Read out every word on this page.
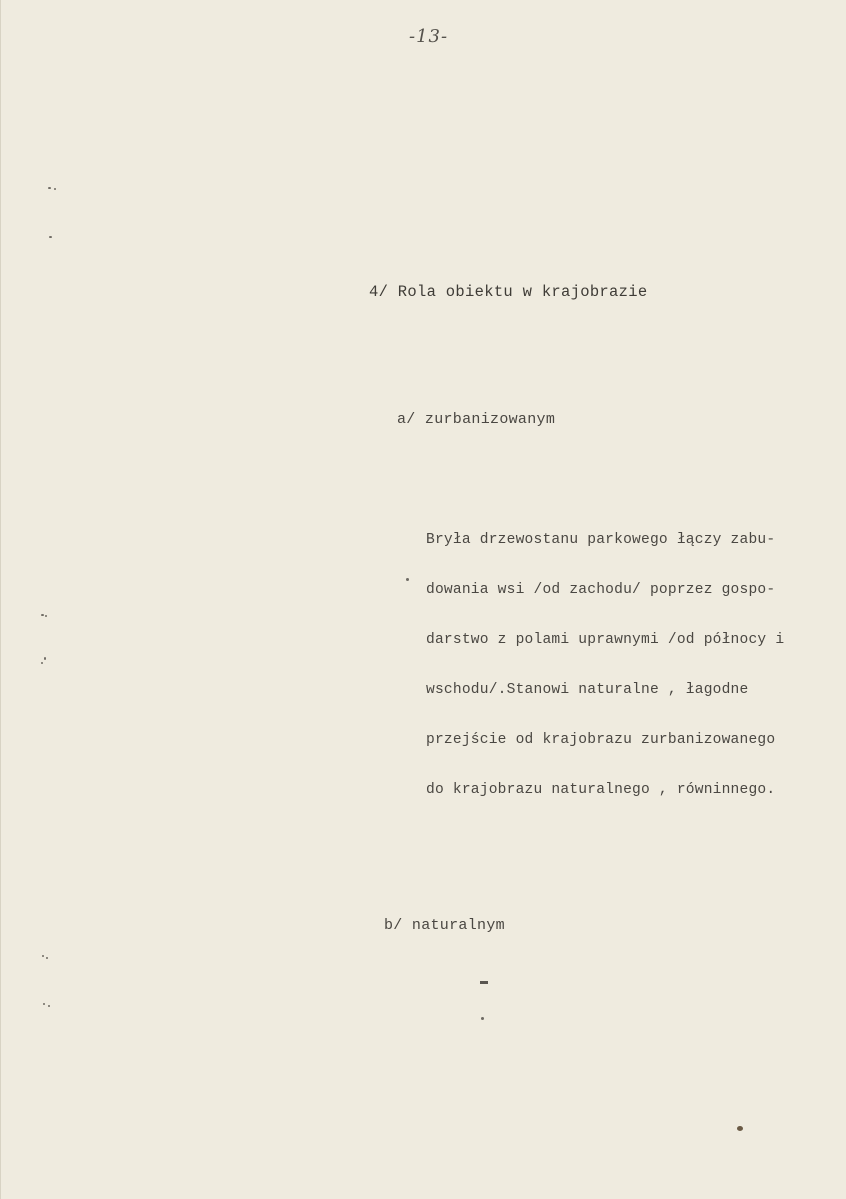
-13-
4/ Rola obiektu w krajobrazie
a/ zurbanizowanym
Bryła drzewostanu parkowego łączy zabu-
dowania wsi /od zachodu/ poprzez gospo-
darstwo z polami uprawnymi /od północy i
wschodu/.Stanowi naturalne , łagodne
przejście od krajobrazu zurbanizowanego
do krajobrazu naturalnego , równinnego.
b/ naturalnym
